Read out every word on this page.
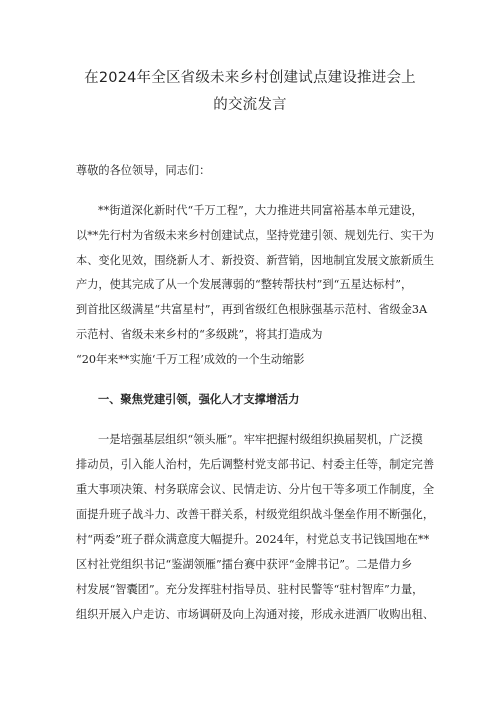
在2024年全区省级未来乡村创建试点建设推进会上
的交流发言
尊敬的各位领导，同志们：
**街道深化新时代“千万工程”，大力推进共同富裕基本单元建设，
以**先行村为省级未来乡村创建试点，坚持党建引领、规划先行、实干为
本、变化见效，围绕新人才、新投资、新营销，因地制宜发展文旅新质生
产力，使其完成了从一个发展薄弱的“整转帮扶村”到“五星达标村”，
到首批区级满星“共富星村”，再到省级红色根脉强基示范村、省级金3A
示范村、省级未来乡村的“多级跳”，将其打造成为
“20年来**实施‘千万工程’成效的一个生动缩影
一、聚焦党建引领，强化人才支撑增活力
一是培强基层组织“领头雁”。牢牢把握村级组织换届契机，广泛摸
排动员，引入能人治村，先后调整村党支部书记、村委主任等，制定完善
重大事项决策、村务联席会议、民情走访、分片包干等多项工作制度，全
面提升班子战斗力、改善干群关系，村级党组织战斗堡垒作用不断强化，
村“两委”班子群众满意度大幅提升。2024年，村党总支书记钱国地在**
区村社党组织书记“鉴湖领雁”擂台赛中获评“金牌书记”。二是借力乡
村发展“智囊团”。充分发挥驻村指导员、驻村民警等“驻村智库”力量，
组织开展入户走访、市场调研及向上沟通对接，形成永进酒厂收购出租、
